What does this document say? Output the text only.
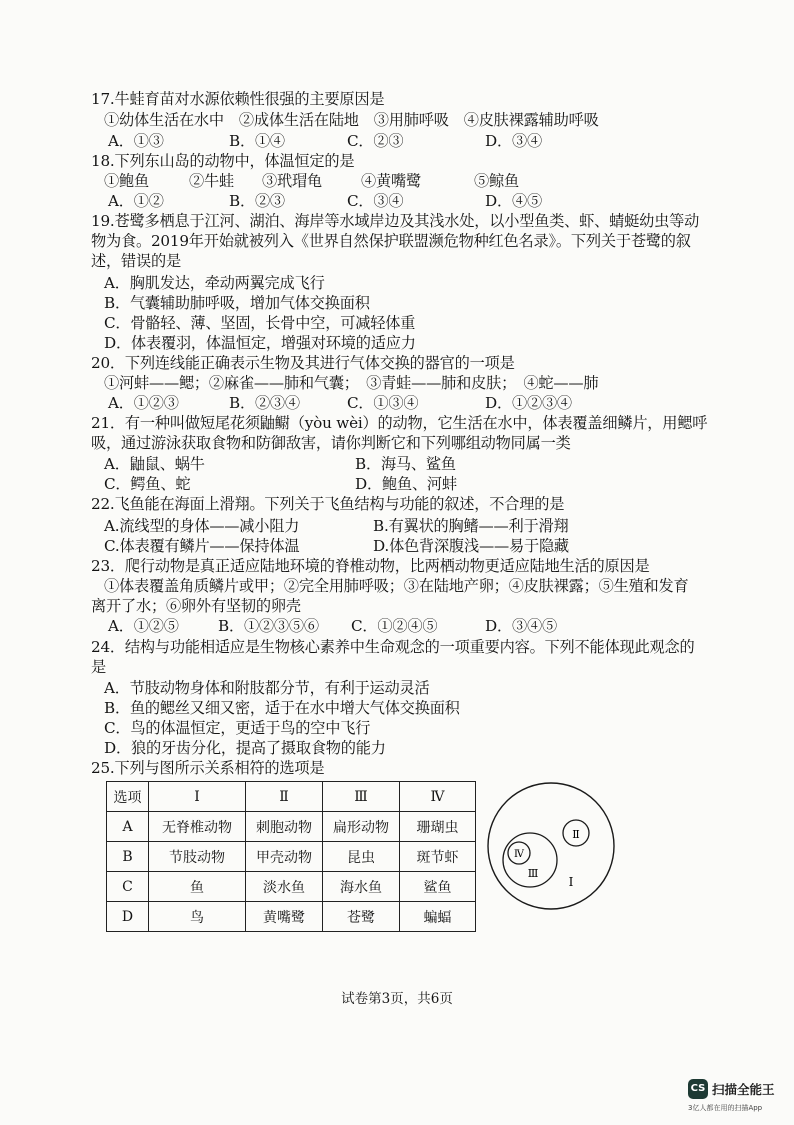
17.牛蛙育苗对水源依赖性很强的主要原因是
①幼体生活在水中　②成体生活在陆地　③用肺呼吸　④皮肤裸露辅助呼吸
A．①③	B．①④	C．②③	D．③④
18.下列东山岛的动物中，体温恒定的是
①鲍鱼	②牛蛙 ③玳瑁龟	④黄嘴鹭	⑤鲸鱼
A．①②	B．②③	C．③④	D．④⑤
19.苍鹭多栖息于江河、湖泊、海岸等水域岸边及其浅水处，以小型鱼类、虾、蜻蜓幼虫等动
物为食。2019年开始就被列入《世界自然保护联盟濒危物种红色名录》。下列关于苍鹭的叙
述，错误的是
A．胸肌发达，牵动两翼完成飞行
B．气囊辅助肺呼吸，增加气体交换面积
C．骨骼轻、薄、坚固，长骨中空，可减轻体重
D．体表覆羽，体温恒定，增强对环境的适应力
20．下列连线能正确表示生物及其进行气体交换的器官的一项是
①河蚌——鳃；②麻雀——肺和气囊；　③青蛙——肺和皮肤；　④蛇——肺
A．①②③	B．②③④	C．①③④	D．①②③④
21．有一种叫做短尾花须鼬鳚（yòu wèi）的动物，它生活在水中，体表覆盖细鳞片，用鳃呼
吸，通过游泳获取食物和防御敌害，请你判断它和下列哪组动物同属一类
A．鼬鼠、蜗牛	B．海马、鲨鱼
C．鳄鱼、蛇	D．鲍鱼、河蚌
22.飞鱼能在海面上滑翔。下列关于飞鱼结构与功能的叙述，不合理的是
A.流线型的身体——减小阻力	B.有翼状的胸鳍——利于滑翔
C.体表覆有鳞片——保持体温	D.体色背深腹浅——易于隐藏
23．爬行动物是真正适应陆地环境的脊椎动物，比两栖动物更适应陆地生活的原因是
①体表覆盖角质鳞片或甲；②完全用肺呼吸；③在陆地产卵；④皮肤裸露；⑤生殖和发育
离开了水；⑥卵外有坚韧的卵壳
A．①②⑤	B．①②③⑤⑥ C．①②④⑤	D．③④⑤
24．结构与功能相适应是生物核心素养中生命观念的一项重要内容。下列不能体现此观念的
是
A．节肢动物身体和附肢都分节，有利于运动灵活
B．鱼的鳃丝又细又密，适于在水中增大气体交换面积
C．鸟的体温恒定，更适于鸟的空中飞行
D．狼的牙齿分化，提高了摄取食物的能力
25.下列与图所示关系相符的选项是
选项	Ⅰ	Ⅱ	Ⅲ	Ⅳ
A	无脊椎动物	刺胞动物	扁形动物	珊瑚虫
B	节肢动物	甲壳动物	昆虫	斑节虾
C	鱼	淡水鱼	海水鱼	鲨鱼
D	鸟	黄嘴鹭	苍鹭	蝙蝠
Ⅱ
Ⅳ
Ⅲ
Ⅰ
试卷第3页，共6页
CS 扫描全能王
3亿人都在用的扫描App
